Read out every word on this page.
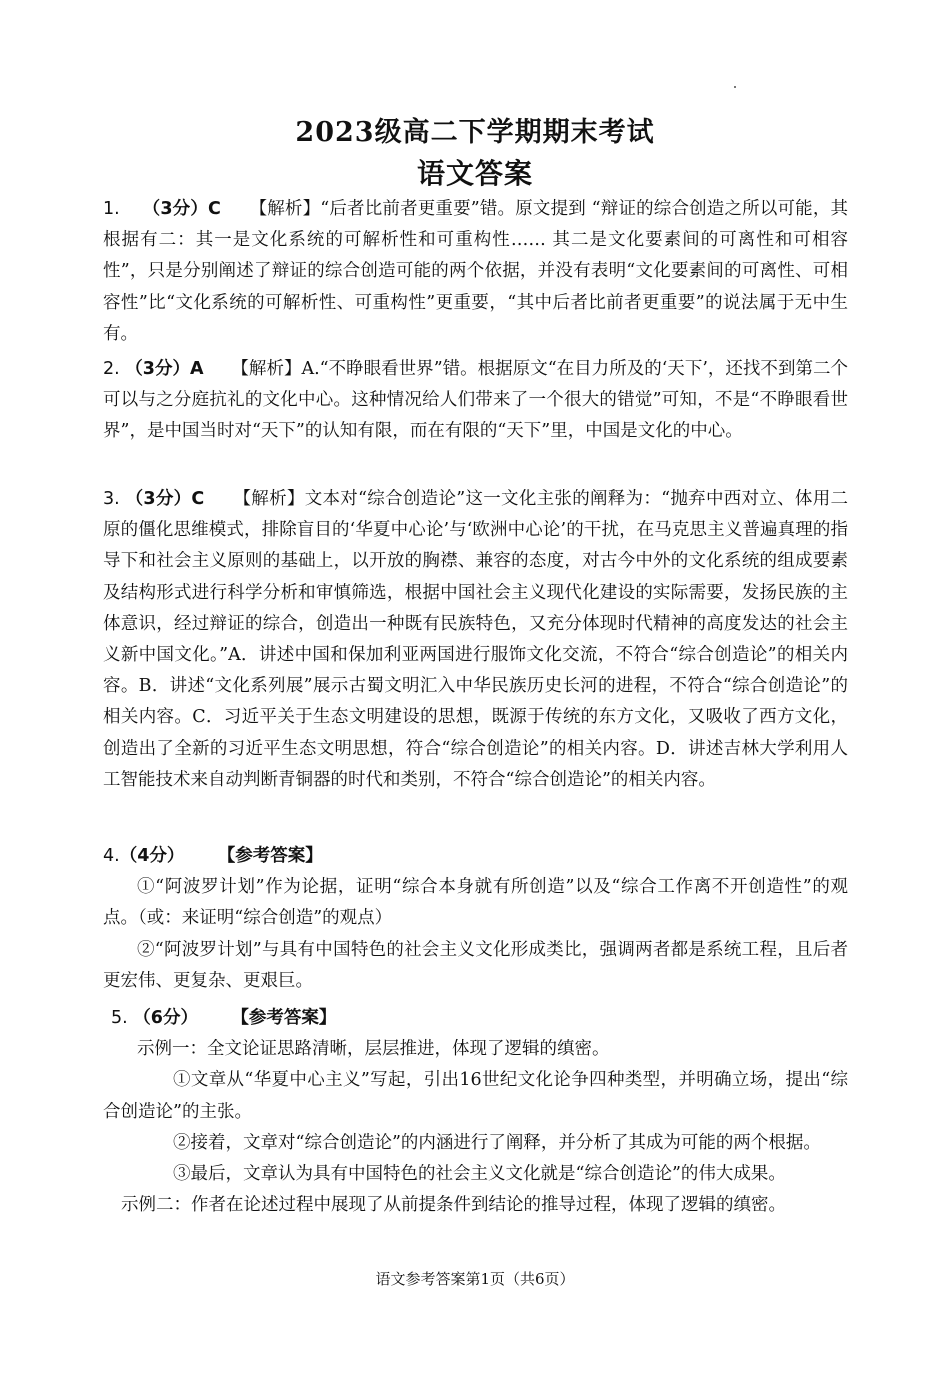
2023级高二下学期期末考试
语文答案
1. （3分）C 【解析】“后者比前者更重要”错。原文提到 “辩证的综合创造之所以可能，其根据有二：其一是文化系统的可解析性和可重构性…… 其二是文化要素间的可离性和可相容性”，只是分别阐述了辩证的综合创造可能的两个依据，并没有表明“文化要素间的可离性、可相容性”比“文化系统的可解析性、可重构性”更重要，“其中后者比前者更重要”的说法属于无中生有。
2. （3分）A 【解析】A.“不睁眼看世界”错。根据原文“在目力所及的‘天下’，还找不到第二个可以与之分庭抗礼的文化中心。这种情况给人们带来了一个很大的错觉”可知，不是“不睁眼看世界”，是中国当时对“天下”的认知有限，而在有限的“天下”里，中国是文化的中心。
3. （3分）C 【解析】文本对“综合创造论”这一文化主张的阐释为：“抛弃中西对立、体用二原的僵化思维模式，排除盲目的‘华夏中心论’与‘欧洲中心论’的干扰，在马克思主义普遍真理的指导下和社会主义原则的基础上，以开放的胸襟、兼容的态度，对古今中外的文化系统的组成要素及结构形式进行科学分析和审慎筛选，根据中国社会主义现代化建设的实际需要，发扬民族的主体意识，经过辩证的综合，创造出一种既有民族特色，又充分体现时代精神的高度发达的社会主义新中国文化。”A．讲述中国和保加利亚两国进行服饰文化交流，不符合“综合创造论”的相关内容。B．讲述“文化系列展”展示古蜀文明汇入中华民族历史长河的进程，不符合“综合创造论”的相关内容。C．习近平关于生态文明建设的思想，既源于传统的东方文化，又吸收了西方文化，创造出了全新的习近平生态文明思想，符合“综合创造论”的相关内容。D．讲述吉林大学利用人工智能技术来自动判断青铜器的时代和类别，不符合“综合创造论”的相关内容。
4.（4分） 【参考答案】
①“阿波罗计划”作为论据，证明“综合本身就有所创造”以及“综合工作离不开创造性”的观点。（或：来证明“综合创造”的观点）
②“阿波罗计划”与具有中国特色的社会主义文化形成类比，强调两者都是系统工程，且后者更宏伟、更复杂、更艰巨。
5. （6分） 【参考答案】
示例一：全文论证思路清晰，层层推进，体现了逻辑的缜密。
①文章从“华夏中心主义”写起，引出16世纪文化论争四种类型，并明确立场，提出“综合创造论”的主张。
②接着，文章对“综合创造论”的内涵进行了阐释，并分析了其成为可能的两个根据。
③最后，文章认为具有中国特色的社会主义文化就是“综合创造论”的伟大成果。
示例二：作者在论述过程中展现了从前提条件到结论的推导过程，体现了逻辑的缜密。
语文参考答案第1页（共6页）
